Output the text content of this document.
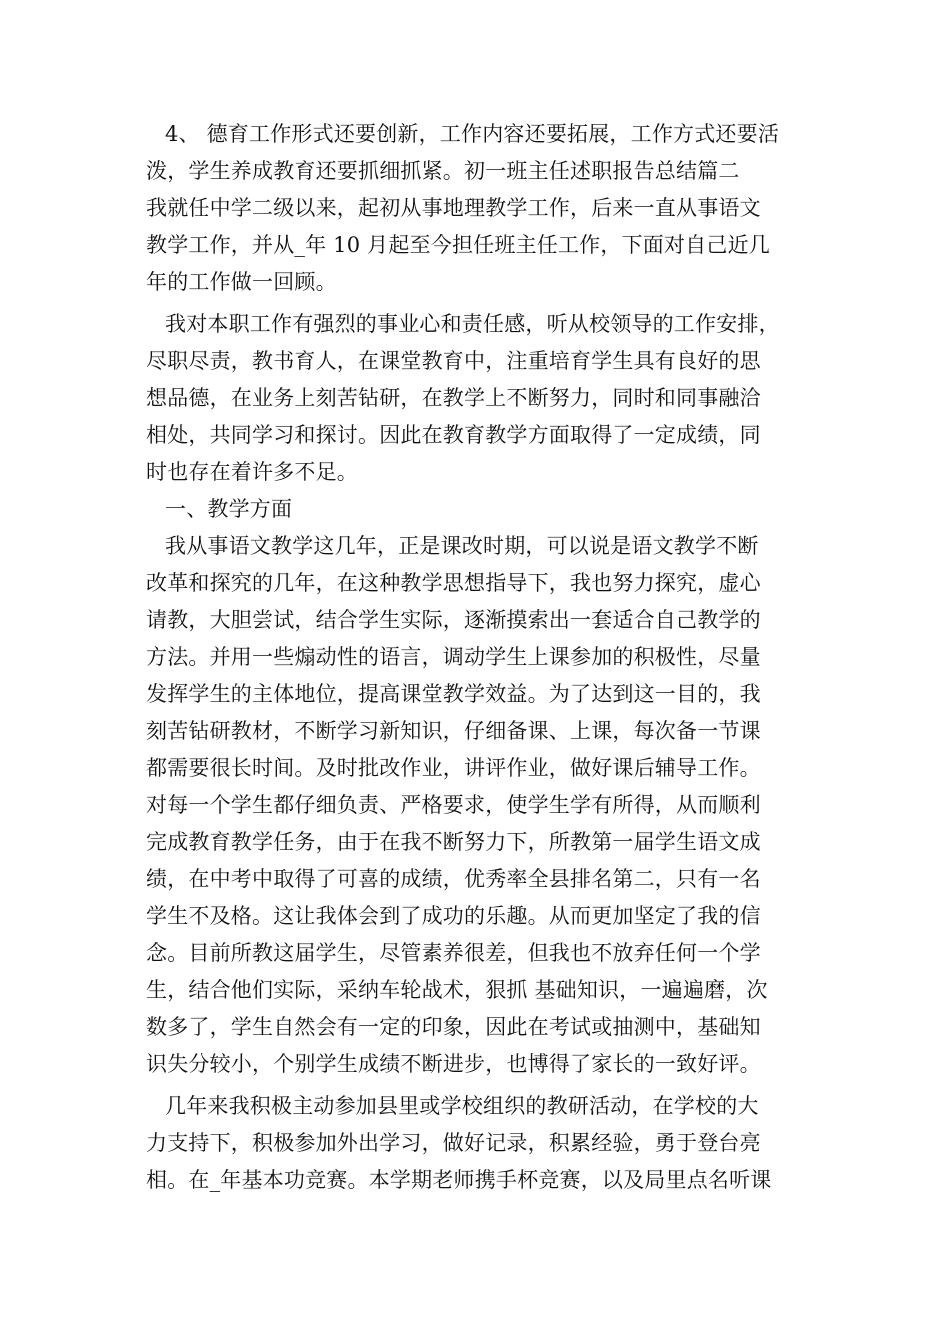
4、 德育工作形式还要创新，工作内容还要拓展，工作方式还要活
泼，学生养成教育还要抓细抓紧。初一班主任述职报告总结篇二
我就任中学二级以来，起初从事地理教学工作，后来一直从事语文
教学工作，并从_年 10 月起至今担任班主任工作，下面对自己近几
年的工作做一回顾。
我对本职工作有强烈的事业心和责任感，听从校领导的工作安排，
尽职尽责，教书育人，在课堂教育中，注重培育学生具有良好的思
想品德，在业务上刻苦钻研，在教学上不断努力，同时和同事融洽
相处，共同学习和探讨。因此在教育教学方面取得了一定成绩，同
时也存在着许多不足。
一、教学方面
我从事语文教学这几年，正是课改时期，可以说是语文教学不断
改革和探究的几年，在这种教学思想指导下，我也努力探究，虚心
请教，大胆尝试，结合学生实际，逐渐摸索出一套适合自己教学的
方法。并用一些煽动性的语言，调动学生上课参加的积极性，尽量
发挥学生的主体地位，提高课堂教学效益。为了达到这一目的，我
刻苦钻研教材，不断学习新知识，仔细备课、上课，每次备一节课
都需要很长时间。及时批改作业，讲评作业，做好课后辅导工作。
对每一个学生都仔细负责、严格要求，使学生学有所得，从而顺利
完成教育教学任务，由于在我不断努力下，所教第一届学生语文成
绩，在中考中取得了可喜的成绩，优秀率全县排名第二，只有一名
学生不及格。这让我体会到了成功的乐趣。从而更加坚定了我的信
念。目前所教这届学生，尽管素养很差，但我也不放弃任何一个学
生，结合他们实际，采纳车轮战术，狠抓 基础知识，一遍遍磨，次
数多了，学生自然会有一定的印象，因此在考试或抽测中，基础知
识失分较小，个别学生成绩不断进步，也博得了家长的一致好评。
几年来我积极主动参加县里或学校组织的教研活动，在学校的大
力支持下，积极参加外出学习，做好记录，积累经验，勇于登台亮
相。在_年基本功竞赛。本学期老师携手杯竞赛，以及局里点名听课
